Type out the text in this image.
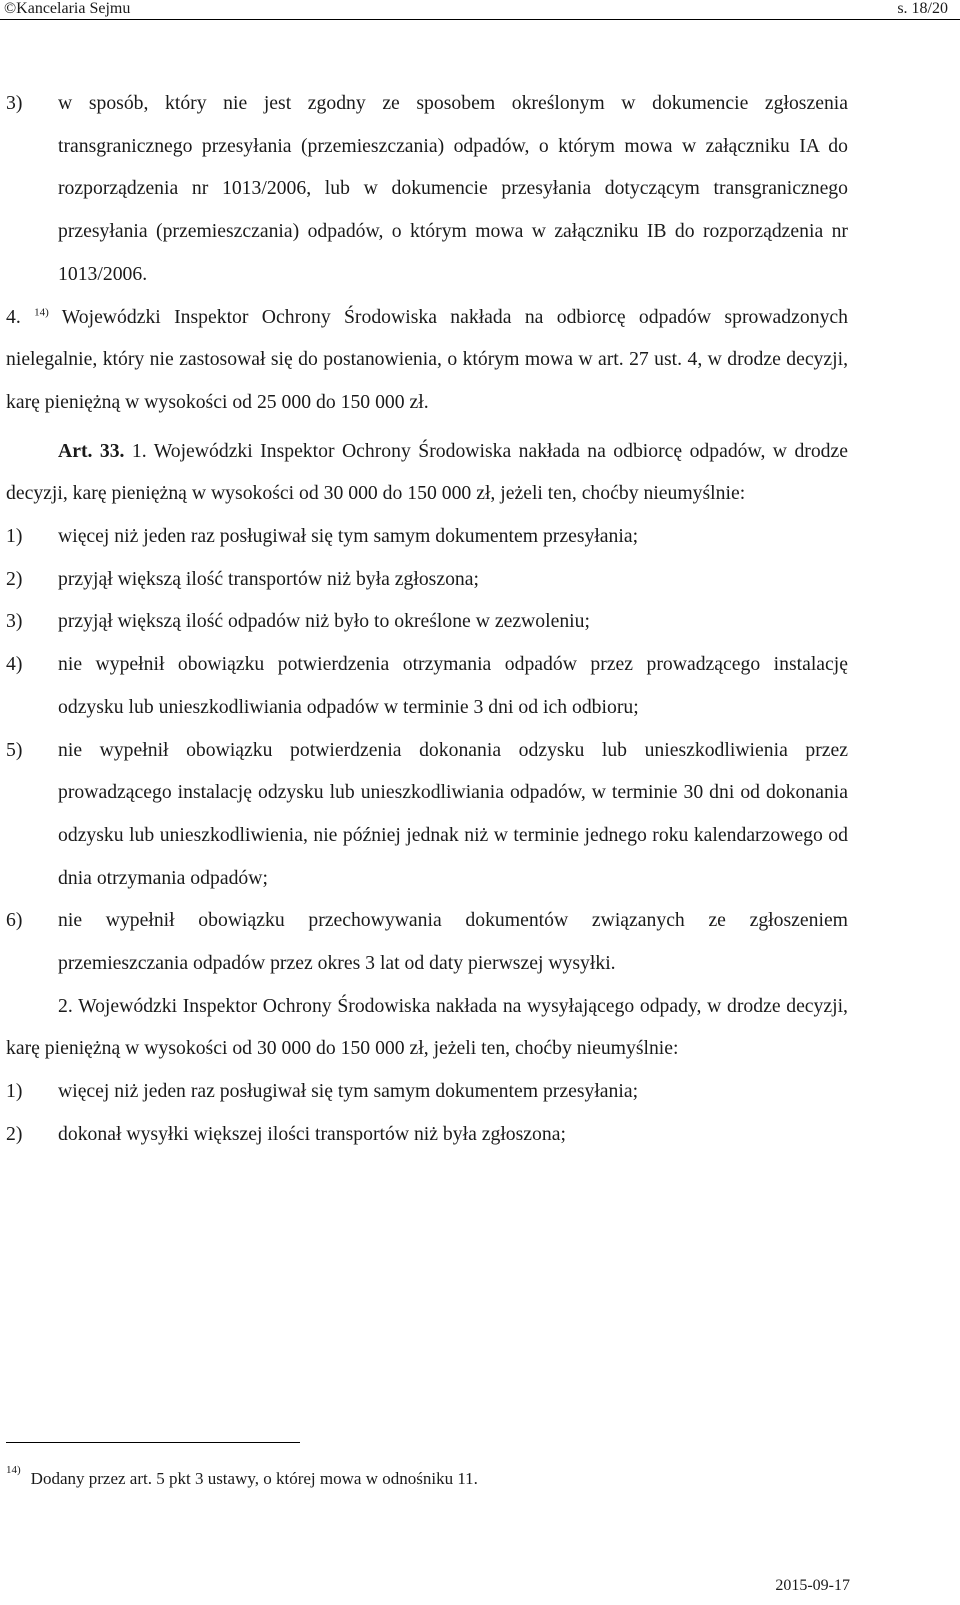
©Kancelaria Sejmu	s. 18/20
3)	w sposób, który nie jest zgodny ze sposobem określonym w dokumencie zgłoszenia transgranicznego przesyłania (przemieszczania) odpadów, o którym mowa w załączniku IA do rozporządzenia nr 1013/2006, lub w dokumencie przesyłania dotyczącym transgranicznego przesyłania (przemieszczania) odpadów, o którym mowa w załączniku IB do rozporządzenia nr 1013/2006.

4. $^{14)}$ Wojewódzki Inspektor Ochrony Środowiska nakłada na odbiorcę odpadów sprowadzonych nielegalnie, który nie zastosował się do postanowienia, o którym mowa w art. 27 ust. 4, w drodze decyzji, karę pieniężną w wysokości od 25 000 do 150 000 zł.

Art. 33. 1. Wojewódzki Inspektor Ochrony Środowiska nakłada na odbiorcę odpadów, w drodze decyzji, karę pieniężną w wysokości od 30 000 do 150 000 zł, jeżeli ten, choćby nieumyślnie:

1)	więcej niż jeden raz posługiwał się tym samym dokumentem przesyłania;
2)	przyjął większą ilość transportów niż była zgłoszona;
3)	przyjął większą ilość odpadów niż było to określone w zezwoleniu;
4)	nie wypełnił obowiązku potwierdzenia otrzymania odpadów przez prowadzącego instalację odzysku lub unieszkodliwiania odpadów w terminie 3 dni od ich odbioru;
5)	nie wypełnił obowiązku potwierdzenia dokonania odzysku lub unieszkodliwienia przez prowadzącego instalację odzysku lub unieszkodliwiania odpadów, w terminie 30 dni od dokonania odzysku lub unieszkodliwienia, nie później jednak niż w terminie jednego roku kalendarzowego od dnia otrzymania odpadów;
6)	nie wypełnił obowiązku przechowywania dokumentów związanych ze zgłoszeniem przemieszczania odpadów przez okres 3 lat od daty pierwszej wysyłki.

2. Wojewódzki Inspektor Ochrony Środowiska nakłada na wysyłającego odpady, w drodze decyzji, karę pieniężną w wysokości od 30 000 do 150 000 zł, jeżeli ten, choćby nieumyślnie:

1)	więcej niż jeden raz posługiwał się tym samym dokumentem przesyłania;
2)	dokonał wysyłki większej ilości transportów niż była zgłoszona;
$^{14)}$ Dodany przez art. 5 pkt 3 ustawy, o której mowa w odnośniku 11.
2015-09-17
